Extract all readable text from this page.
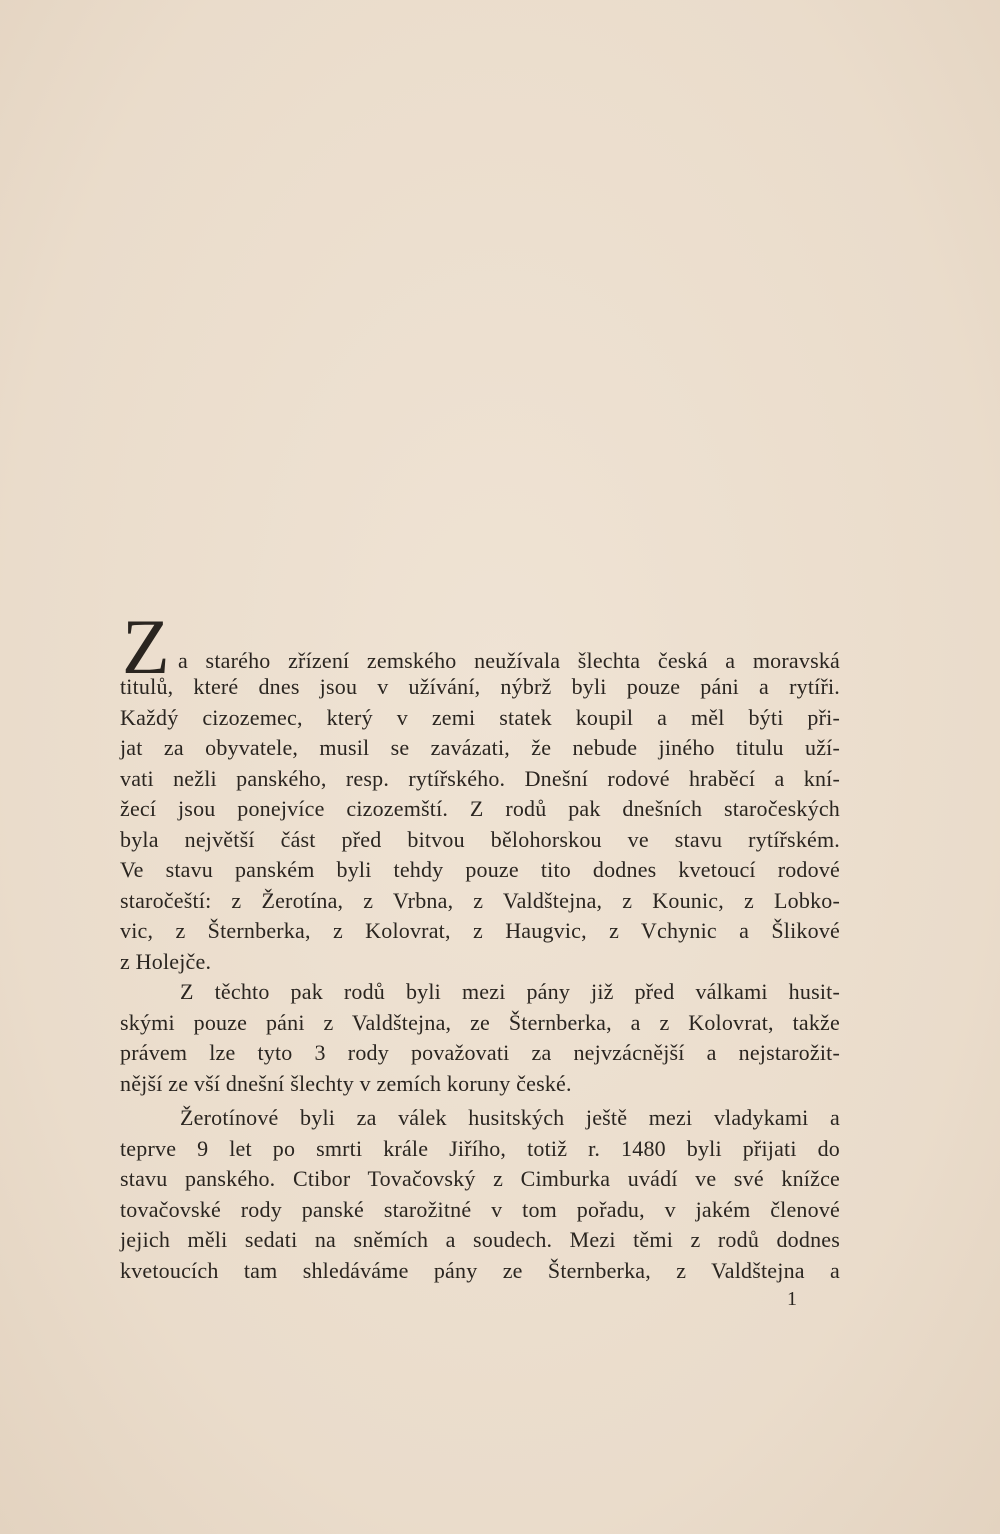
Z a starého zřízení zemského neužívala šlechta česká a moravská
titulů, které dnes jsou v užívání, nýbrž byli pouze páni a rytíři.
Každý cizozemec, který v zemi statek koupil a měl býti při-
jat za obyvatele, musil se zavázati, že nebude jiného titulu uží-
vati nežli panského, resp. rytířského. Dnešní rodové hraběcí a kní-
žecí jsou ponejvíce cizozemští. Z rodů pak dnešních staročeských
byla největší část před bitvou bělohorskou ve stavu rytířském.
Ve stavu panském byli tehdy pouze tito dodnes kvetoucí rodové
staročeští: z Žerotína, z Vrbna, z Valdštejna, z Kounic, z Lobko-
vic, z Šternberka, z Kolovrat, z Haugvic, z Vchynic a Šlikové
z Holejče.
Z těchto pak rodů byli mezi pány již před válkami husit-
skými pouze páni z Valdštejna, ze Šternberka, a z Kolovrat, takže
právem lze tyto 3 rody považovati za nejvzácnější a nejstarožit-
nější ze vší dnešní šlechty v zemích koruny české.
Žerotínové byli za válek husitských ještě mezi vladykami a
teprve 9 let po smrti krále Jiřího, totiž r. 1480 byli přijati do
stavu panského. Ctibor Tovačovský z Cimburka uvádí ve své knížce
tovačovské rody panské starožitné v tom pořadu, v jakém členové
jejich měli sedati na sněmích a soudech. Mezi těmi z rodů dodnes
kvetoucích tam shledáváme pány ze Šternberka, z Valdštejna a
1
